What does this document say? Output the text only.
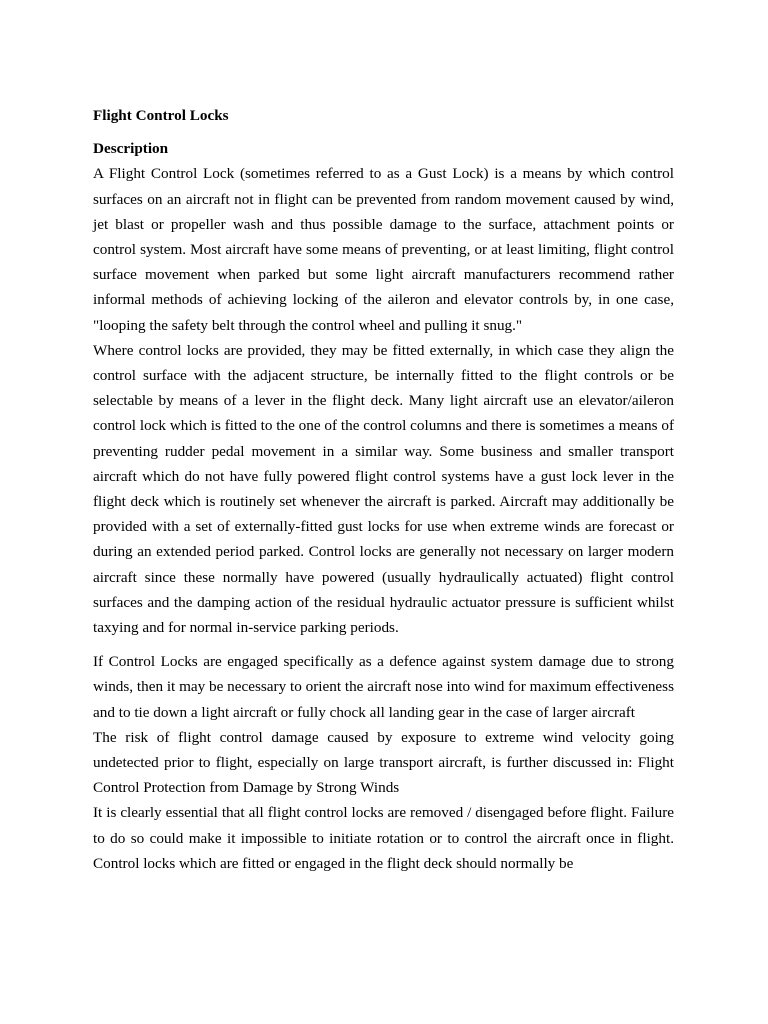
Flight Control Locks
Description

A Flight Control Lock (sometimes referred to as a Gust Lock) is a means by which control surfaces on an aircraft not in flight can be prevented from random movement caused by wind, jet blast or propeller wash and thus possible damage to the surface, attachment points or control system. Most aircraft have some means of preventing, or at least limiting, flight control surface movement when parked but some light aircraft manufacturers recommend rather informal methods of achieving locking of the aileron and elevator controls by, in one case, "looping the safety belt through the control wheel and pulling it snug."

Where control locks are provided, they may be fitted externally, in which case they align the control surface with the adjacent structure, be internally fitted to the flight controls or be selectable by means of a lever in the flight deck. Many light aircraft use an elevator/aileron control lock which is fitted to the one of the control columns and there is sometimes a means of preventing rudder pedal movement in a similar way. Some business and smaller transport aircraft which do not have fully powered flight control systems have a gust lock lever in the flight deck which is routinely set whenever the aircraft is parked. Aircraft may additionally be provided with a set of externally-fitted gust locks for use when extreme winds are forecast or during an extended period parked. Control locks are generally not necessary on larger modern aircraft since these normally have powered (usually hydraulically actuated) flight control surfaces and the damping action of the residual hydraulic actuator pressure is sufficient whilst taxying and for normal in-service parking periods.

If Control Locks are engaged specifically as a defence against system damage due to strong winds, then it may be necessary to orient the aircraft nose into wind for maximum effectiveness and to tie down a light aircraft or fully chock all landing gear in the case of larger aircraft

The risk of flight control damage caused by exposure to extreme wind velocity going undetected prior to flight, especially on large transport aircraft, is further discussed in: Flight Control Protection from Damage by Strong Winds

It is clearly essential that all flight control locks are removed / disengaged before flight. Failure to do so could make it impossible to initiate rotation or to control the aircraft once in flight. Control locks which are fitted or engaged in the flight deck should normally be
